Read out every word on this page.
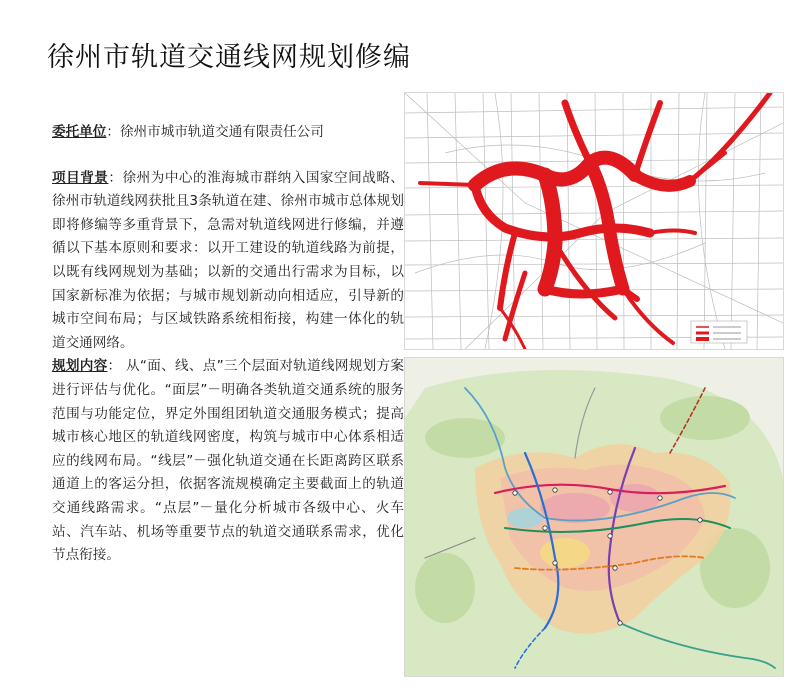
徐州市轨道交通线网规划修编

委托单位：徐州市城市轨道交通有限责任公司

项目背景：徐州为中心的淮海城市群纳入国家空间战略、徐州市轨道线网获批且3条轨道在建、徐州市城市总体规划即将修编等多重背景下，急需对轨道线网进行修编，并遵循以下基本原则和要求：以开工建设的轨道线路为前提，以既有线网规划为基础；以新的交通出行需求为目标，以国家新标准为依据；与城市规划新动向相适应，引导新的城市空间布局；与区域铁路系统相衔接，构建一体化的轨道交通网络。

规划内容： 从“面、线、点”三个层面对轨道线网规划方案进行评估与优化。“面层”－明确各类轨道交通系统的服务范围与功能定位，界定外围组团轨道交通服务模式；提高城市核心地区的轨道线网密度，构筑与城市中心体系相适应的线网布局。“线层”－强化轨道交通在长距离跨区联系通道上的客运分担，依据客流规模确定主要截面上的轨道交通线路需求。“点层”－量化分析城市各级中心、火车站、汽车站、机场等重要节点的轨道交通联系需求，优化节点衔接。
